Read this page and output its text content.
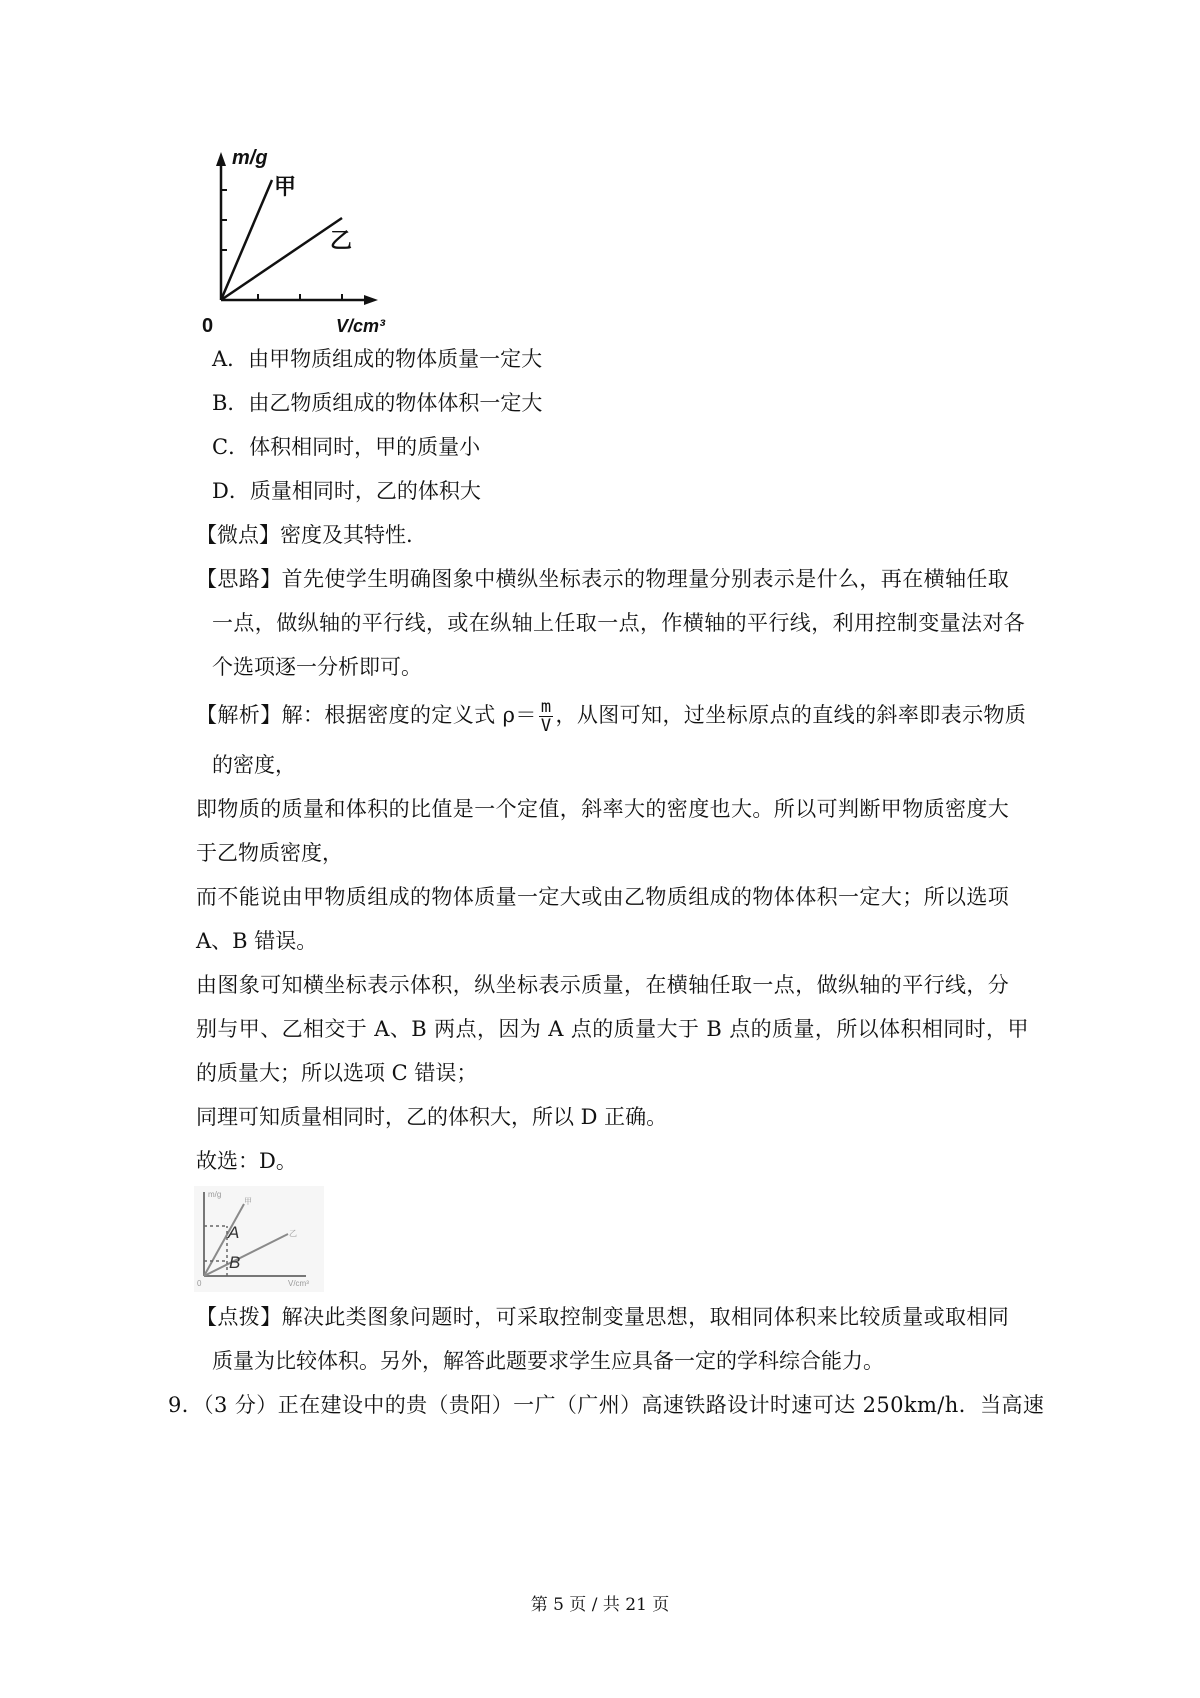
m/g
甲
乙
0	V/cm³
A．由甲物质组成的物体质量一定大
B．由乙物质组成的物体体积一定大
C．体积相同时，甲的质量小
D．质量相同时，乙的体积大
【微点】密度及其特性.
【思路】首先使学生明确图象中横纵坐标表示的物理量分别表示是什么，再在横轴任取
一点，做纵轴的平行线，或在纵轴上任取一点，作横轴的平行线，利用控制变量法对各
个选项逐一分析即可。
【解析】解：根据密度的定义式 $\rho= \frac{m}{V}$ ，从图可知，过坐标原点的直线的斜率即表示物质
的密度，
即物质的质量和体积的比值是一个定值，斜率大的密度也大。所以可判断甲物质密度大
于乙物质密度，
而不能说由甲物质组成的物体质量一定大或由乙物质组成的物体体积一定大；所以选项
A、B 错误。
由图象可知横坐标表示体积，纵坐标表示质量，在横轴任取一点，做纵轴的平行线，分
别与甲、乙相交于 A、B 两点，因为 A 点的质量大于 B 点的质量，所以体积相同时，甲
的质量大；所以选项 C 错误；
同理可知质量相同时，乙的体积大，所以 D 正确。
故选：D。
A
B
m/g
甲
乙
0	V/cm³
【点拨】解决此类图象问题时，可采取控制变量思想，取相同体积来比较质量或取相同
质量为比较体积。另外，解答此题要求学生应具备一定的学科综合能力。
9．（3 分）正在建设中的贵（贵阳）一广（广州）高速铁路设计时速可达 250km/h．当高速
第 5 页 / 共 21 页
